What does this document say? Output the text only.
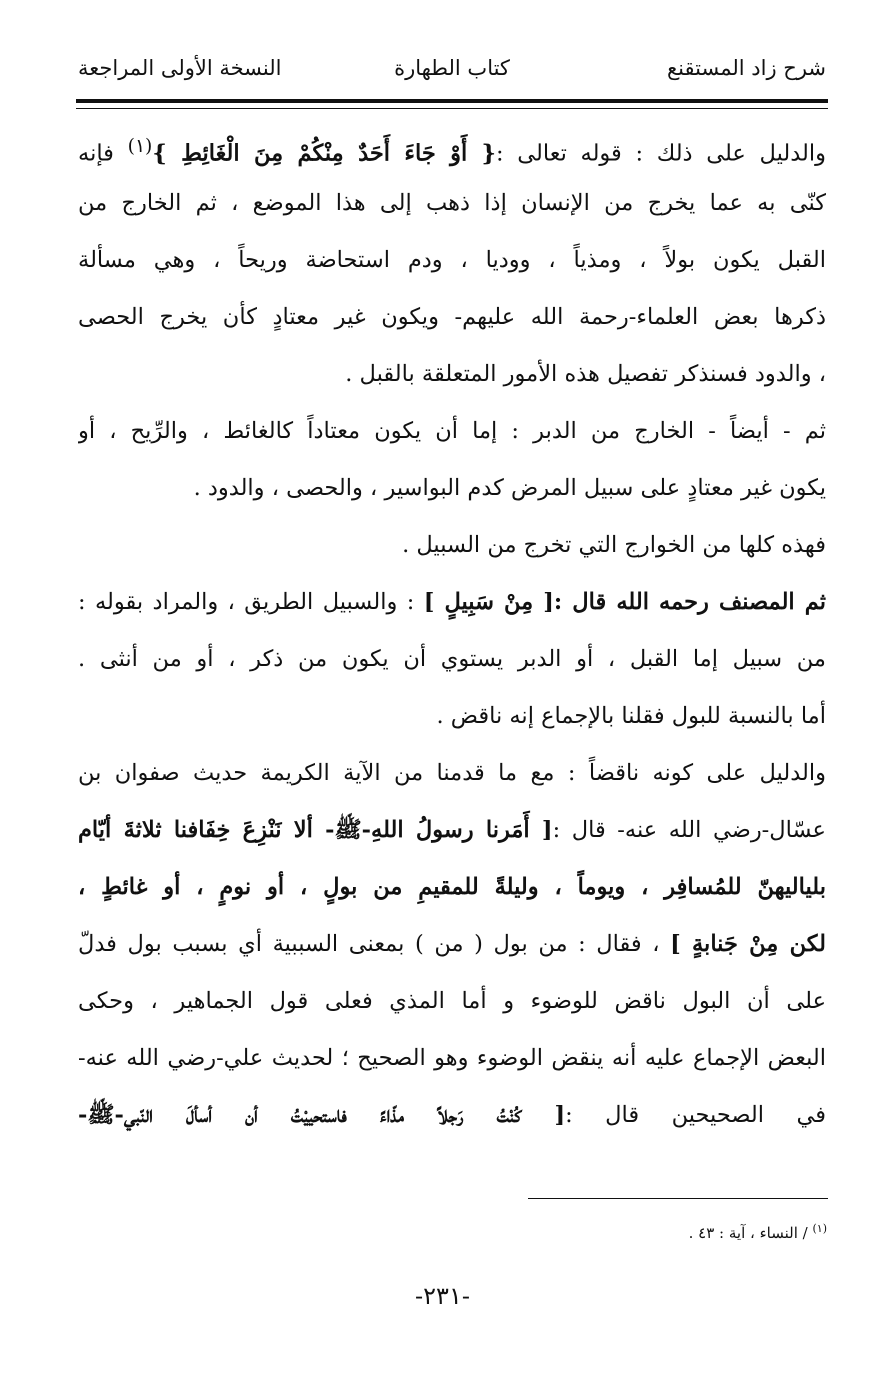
شرح زاد المستقنع
كتاب الطهارة
النسخة الأولى المراجعة
والدليل على ذلك : قوله تعالى :{ أَوْ جَاءَ أَحَدٌ مِنْكُمْ مِنَ الْغَائِطِ }$^{(١)}$ فإنه
كنّى به عما يخرج من الإنسان إذا ذهب إلى هذا الموضع ، ثم الخارج من
القبل يكون بولاً ، ومذياً ، ووديا ، ودم استحاضة وريحاً ، وهي مسألة
ذكرها بعض العلماء-رحمة الله عليهم- ويكون غير معتادٍ كأن يخرج الحصى
، والدود فسنذكر تفصيل هذه الأمور المتعلقة بالقبل .
ثم - أيضاً - الخارج من الدبر : إما أن يكون معتاداً كالغائط ، والرِّيح ، أو
يكون غير معتادٍ على سبيل المرض كدم البواسير ، والحصى ، والدود .
فهذه كلها من الخوارج التي تخرج من السبيل .
ثم المصنف رحمه الله قال :[ مِنْ سَبِيلٍ ] : والسبيل الطريق ، والمراد بقوله :
من سبيل إما القبل ، أو الدبر يستوي أن يكون من ذكر ، أو من أنثى .
أما بالنسبة للبول فقلنا بالإجماع إنه ناقض .
والدليل على كونه ناقضاً : مع ما قدمنا من الآية الكريمة حديث صفوان بن
عسّال-رضي الله عنه- قال :[ أَمَرنا رسولُ اللهِ-ﷺ- ألا نَنْزِعَ خِفَافنا ثلاثةَ أيّام
بلياليهنّ للمُسافِر ، ويوماً ، وليلةً للمقيمِ من بولٍ ، أو نومٍ ، أو غائطٍ ،
لكن مِنْ جَنابةٍ ] ، فقال : من بول ( من ) بمعنى السببية أي بسبب بول فدلّ
على أن البول ناقض للوضوء و أما المذي فعلى قول الجماهير ، وحكى
البعض الإجماع عليه أنه ينقض الوضوء وهو الصحيح ؛ لحديث علي-رضي الله عنه-
في الصحيحين قال :[ كُنْتُ رَجلاً مذّاءً فاستحييْتُ أن أسألَ النّبي-ﷺ-
$^{(١)}$ / النساء ، آية : ٤٣ .
-٢٣١-
